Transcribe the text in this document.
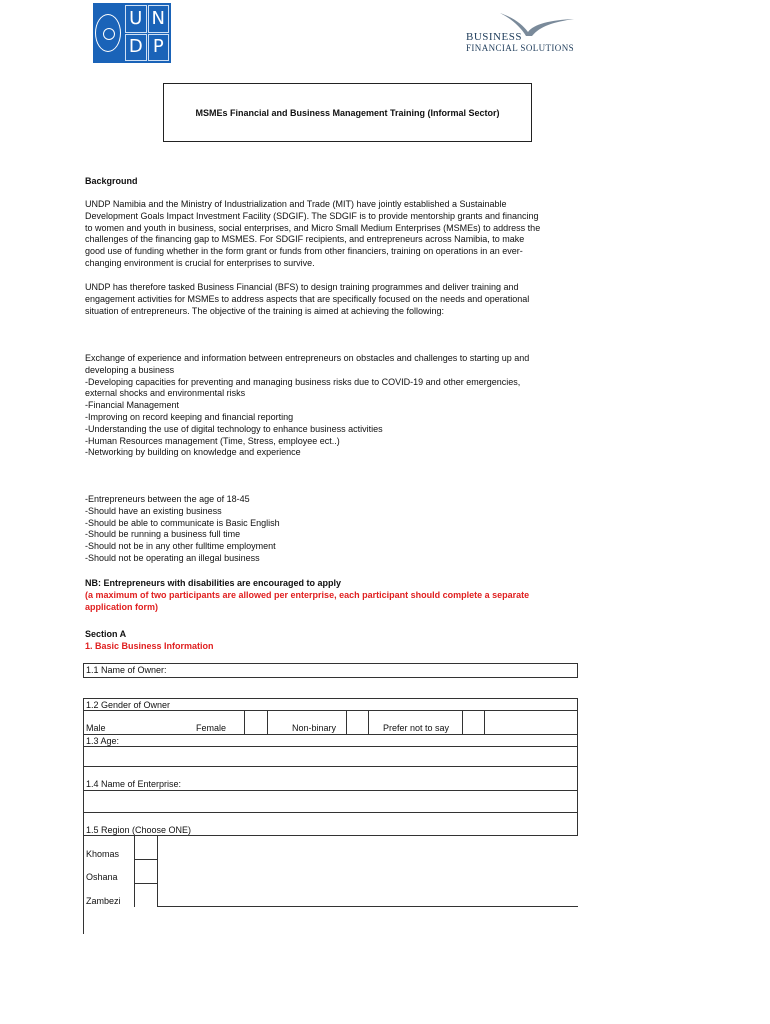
U N
D P	BUSINESS
FINANCIAL SOLUTIONS
MSMEs Financial and Business Management Training (Informal Sector)
Background
UNDP Namibia and the Ministry of Industrialization and Trade (MIT) have jointly established a Sustainable
Development Goals Impact Investment Facility (SDGIF). The SDGIF is to provide mentorship grants and financing
to women and youth in business, social enterprises, and Micro Small Medium Enterprises (MSMEs) to address the
challenges of the financing gap to MSMES. For SDGIF recipients, and entrepreneurs across Namibia, to make
good use of funding whether in the form grant or funds from other financiers, training on operations in an ever-
changing environment is crucial for enterprises to survive.
UNDP has therefore tasked Business Financial (BFS) to design training programmes and deliver training and
engagement activities for MSMEs to address aspects that are specifically focused on the needs and operational
situation of entrepreneurs. The objective of the training is aimed at achieving the following:
Exchange of experience and information between entrepreneurs on obstacles and challenges to starting up and
developing a business
-Developing capacities for preventing and managing business risks due to COVID-19 and other emergencies,
external shocks and environmental risks
-Financial Management
-Improving on record keeping and financial reporting
-Understanding the use of digital technology to enhance business activities
-Human Resources management (Time, Stress, employee ect..)
-Networking by building on knowledge and experience
-Entrepreneurs between the age of 18-45
-Should have an existing business
-Should be able to communicate is Basic English
-Should be running a business full time
-Should not be in any other fulltime employment
-Should not be operating an illegal business
NB: Entrepreneurs with disabilities are encouraged to apply
(a maximum of two participants are allowed per enterprise, each participant should complete a separate
application form)
Section A
1. Basic Business Information
1.1 Name of Owner:
1.2 Gender of Owner
Male	Female	Non-binary	Prefer not to say
1.3 Age:
1.4 Name of Enterprise:
1.5 Region (Choose ONE)
Khomas
Oshana
Zambezi
